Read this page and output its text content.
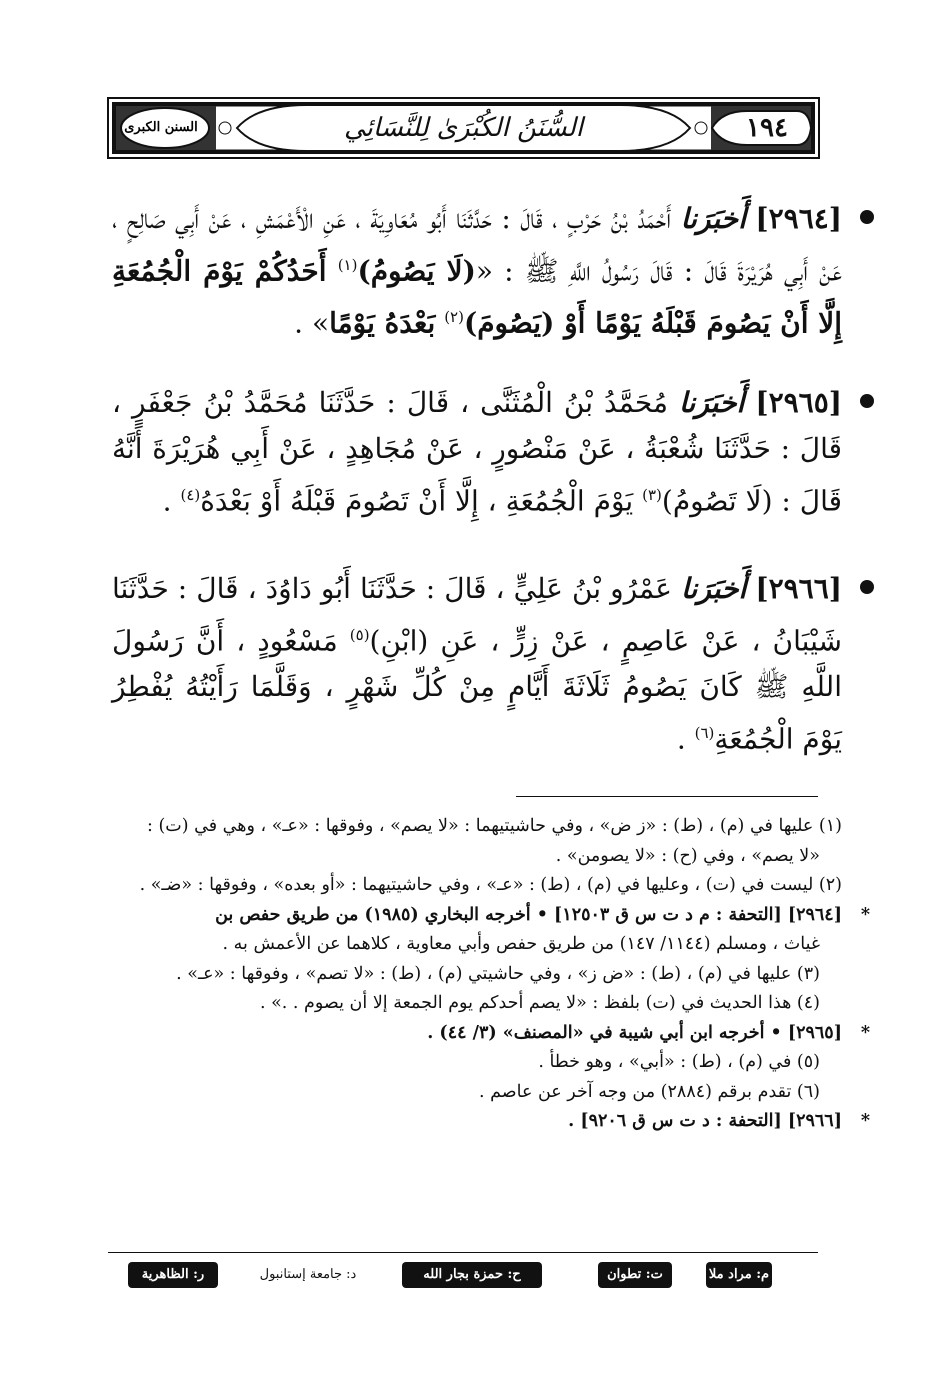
١٩٤
السُّنَنُ الكُبْرَىٰ لِلنَّسَائِي
السنن الكبرى
[٢٩٦٤] أَخبَرَنا أَحْمَدُ بْنُ حَرْبٍ ، قَالَ : حَدَّثَنَا أَبُو مُعَاوِيَةَ ، عَنِ الْأَعْمَشِ ، عَنْ أَبِي صَالِحٍ ، عَنْ أَبِي هُرَيْرَةَ قَالَ : قَالَ رَسُولُ اللَّهِ ﷺ : «(لَا يَصُومُ)$^{(١)}$ أَحَدُكُمْ يَوْمَ الْجُمُعَةِ إِلَّا أَنْ يَصُومَ قَبْلَهُ يَوْمًا أَوْ (يَصُومَ)$^{(٢)}$ بَعْدَهُ يَوْمًا» .
[٢٩٦٥] أَخبَرَنا مُحَمَّدُ بْنُ الْمُثَنَّى ، قَالَ : حَدَّثَنَا مُحَمَّدُ بْنُ جَعْفَرٍ ، قَالَ : حَدَّثَنَا شُعْبَةُ ، عَنْ مَنْصُورٍ ، عَنْ مُجَاهِدٍ ، عَنْ أَبِي هُرَيْرَةَ أَنَّهُ قَالَ : (لَا تَصُومُ)$^{(٣)}$ يَوْمَ الْجُمُعَةِ ، إِلَّا أَنْ تَصُومَ قَبْلَهُ أَوْ بَعْدَهُ$^{(٤)}$ .
[٢٩٦٦] أَخبَرَنا عَمْرُو بْنُ عَلِيٍّ ، قَالَ : حَدَّثَنَا أَبُو دَاوُدَ ، قَالَ : حَدَّثَنَا شَيْبَانُ ، عَنْ عَاصِمٍ ، عَنْ زِرٍّ ، عَنِ (ابْنِ)$^{(٥)}$ مَسْعُودٍ ، أَنَّ رَسُولَ اللَّهِ ﷺ كَانَ يَصُومُ ثَلَاثَةَ أَيَّامٍ مِنْ كُلِّ شَهْرٍ ، وَقَلَّمَا رَأَيْتُهُ يُفْطِرُ يَوْمَ الْجُمُعَةِ$^{(٦)}$ .
(١) عليها في (م) ، (ط) : «ز ض» ، وفي حاشيتيهما : «لا يصم» ، وفوقها : «عـ» ، وهي في (ت) :
«لا يصم» ، وفي (ح) : «لا يصومن» .
(٢) ليست في (ت) ، وعليها في (م) ، (ط) : «عـ» ، وفي حاشيتيهما : «أو بعده» ، وفوقها : «ضـ» .
*
[٢٩٦٤] [التحفة : م د ت س ق ١٢٥٠٣] • أخرجه البخاري (١٩٨٥) من طريق حفص بن
غياث ، ومسلم (١١٤٤/ ١٤٧) من طريق حفص وأبي معاوية ، كلاهما عن الأعمش به .
(٣) عليها في (م) ، (ط) : «ض ز» ، وفي حاشيتي (م) ، (ط) : «لا تصم» ، وفوقها : «عـ» .
(٤) هذا الحديث في (ت) بلفظ : «لا يصم أحدكم يوم الجمعة إلا أن يصوم . .» .
*
[٢٩٦٥] • أخرجه ابن أبي شيبة في «المصنف» (٣/ ٤٤) .
(٥) في (م) ، (ط) : «أبي» ، وهو خطأ .
(٦) تقدم برقم (٢٨٨٤) من وجه آخر عن عاصم .
*
[٢٩٦٦] [التحفة : د ت س ق ٩٢٠٦] .
م: مراد ملا
ت: تطوان
ح: حمزة بجار الله
د: جامعة إستانبول
ر: الظاهرية
